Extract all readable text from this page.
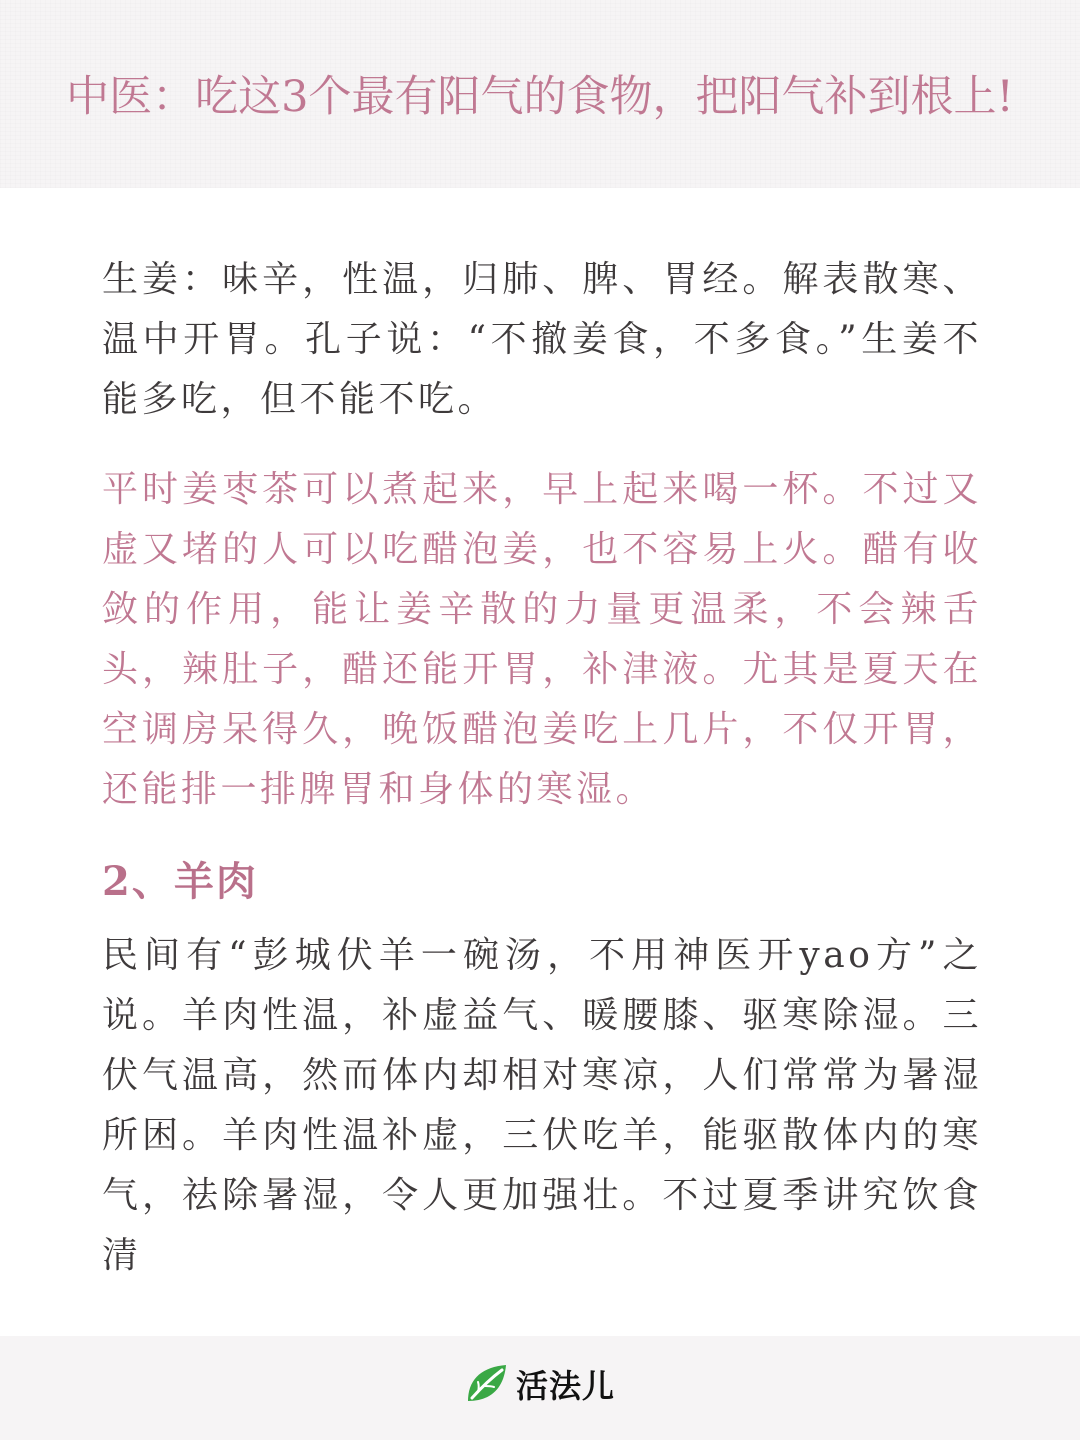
中医：吃这3个最有阳气的食物，把阳气补到根上!

生姜：味辛，性温，归肺、脾、胃经。解表散寒、温中开胃。孔子说：“不撤姜食，不多食。”生姜不能多吃，但不能不吃。

平时姜枣茶可以煮起来，早上起来喝一杯。不过又虚又堵的人可以吃醋泡姜，也不容易上火。醋有收敛的作用，能让姜辛散的力量更温柔，不会辣舌头，辣肚子，醋还能开胃，补津液。尤其是夏天在空调房呆得久，晚饭醋泡姜吃上几片，不仅开胃，还能排一排脾胃和身体的寒湿。

2、羊肉

民间有“彭城伏羊一碗汤，不用神医开yao方”之说。羊肉性温，补虚益气、暖腰膝、驱寒除湿。三伏气温高，然而体内却相对寒凉，人们常常为暑湿所困。羊肉性温补虚，三伏吃羊，能驱散体内的寒气，祛除暑湿，令人更加强壮。不过夏季讲究饮食清

活法儿
